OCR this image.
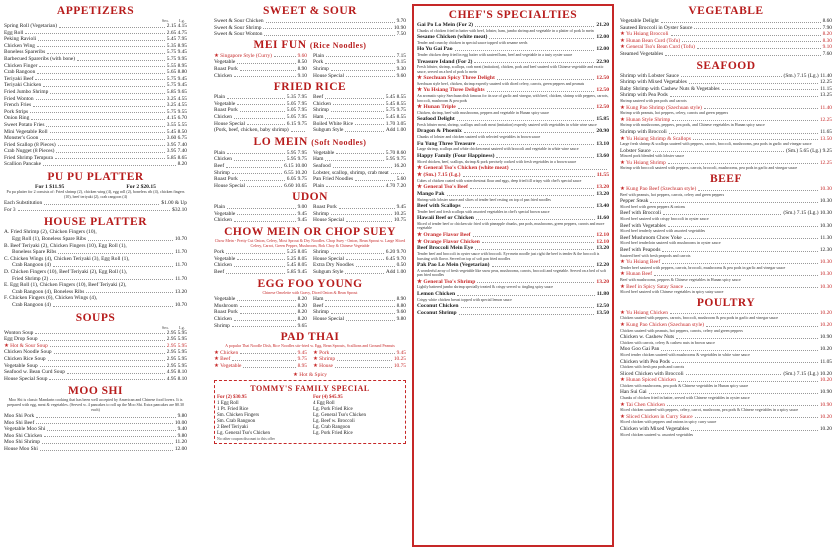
APPETIZERS
Sm. Lg.
Spring Roll (Vegetarian)	2.15 4.15
Egg Roll	2.65 4.75
Peking Ravioli	5.45 7.95
Chicken Wing	5.35 8.95
Boneless Spareribs	5.75 9.45
Barbecued Spareribs (with bone)	5.75 9.95
Chicken Finger	5.55 8.95
Crab Rangoon	5.65 8.80
Teriyaki Beef	5.75 9.45
Teriyaki Chicken	5.75 9.45
Fried Jumbo Shrimp	5.85 9.65
Fried Wonton	3.25 4.55
French Fries	3.25 4.55
Pork Strips	5.75 9.55
Onion Ring	4.15 6.70
Sweet Potato Fries	3.55 5.55
Mini Vegetable Roll	5.45 8.50
Monster's Goon	3.60 6.75
Fried Scallop (8 Pieces)	3.95 7.40
Crab Nugget (8 Pieces)	3.95 7.40
Fried Shrimp Tempura	5.85 8.65
Scallion Pancake	8.20
PU PU PLATTER
For 1 $11.95	For 2 $20.15
Pu pu platter for 2 consists of: Fried shrimp (2), chicken wing (4), egg roll (2), boneless rib (4), chicken fingers (10), beef teriyaki (2), crab rangoon (4)
Each Substitution	$1.00 & Up
For 3	$32.10
HOUSE PLATTER
A. Fried Shrimp (2), Chicken Fingers (10),
Egg Roll (1), Boneless Spare Ribs	10.70
B. Beef Teriyaki (2), Chicken Fingers (10), Egg Roll (1),
Boneless Spare Ribs	11.70
C. Chicken Wings (4), Chicken Teriyaki (3), Egg Roll (1),
Crab Rangoon (4)	11.70
D. Chicken Fingers (10), Beef Teriyaki (2), Egg Roll (1),
Fried Shrimp (2)	11.70
E. Egg Roll (1), Chicken Fingers (10), Beef Teriyaki (2),
Crab Rangoon (4), Boneless Ribs	13.20
F. Chicken Fingers (6), Chicken Wings (4),
Crab Rangoon (4)	10.70
SOUPS
Sm. Lg.
Wonton Soup	2.95 5.95
Egg Drop Soup	2.95 5.95
★ Hot & Sour Soup	2.95 5.95
Chicken Noodle Soup	2.95 5.95
Chicken Rice Soup	2.95 5.95
Vegetable Soup	2.95 5.95
Seafood w. Bean Curd Soup	4.95 8.10
House Special Soup	4.95 8.10
MOO SHI
Moo Shi is classic Mandarin cooking that has been well accepted by American and Chinese food lovers. It is prepared with egg, meat & vegetables. (Served w. 4 pancakes to roll up the Moo Shi. Extra pancakes are $0.30 each)
Moo Shi Pork	9.80
Moo Shi Beef	10.00
Vegetable Moo Shi	9.40
Moo Shi Chicken	9.80
Moo Shi Shrimp	11.20
House Moo Shi	12.00
SWEET & SOUR
Sweet & Sour Chicken	9.70
Sweet & Sour Shrimp	10.90
Sweet & Sour Wonton	7.50
MEI FUN (Rice Noodles)
★ Singapore Style (Curry)	9.60
Vegetable	8.50
Roast Pork	8.90
Chicken	9.10
Plain	7.15
Pork	9.15
Shrimp	9.30
House Special	9.60
FRIED RICE
Plain	5.35 7.95
Vegetable	5.05 7.95
Roast Pork	5.05 7.95
Chicken	5.05 7.95
House Special	6.15 9.75
(Pork, beef, chicken, baby shrimp)
Beef	5.45 8.55
Chicken	5.45 8.55
Shrimp	5.75 9.75
Ham	5.45 8.55
Boiled White Rice	1.70 3.05
Subgum Style	Add 1.00
LO MEIN (Soft Noodles)
Plain	5.95 7.95
Chicken	5.95 9.75
Beef	6.15 10.00
Shrimp	6.55 10.20
Roast Pork	6.05 9.75
House Special	6.60 10.65
Vegetable	5.70 8.60
Ham	5.95 9.75
Seafood	16.20
Lobster, scallop, shrimp, crab meat
Pan Fried Noodles	5.60
Plain	4.70 7.20
UDON
Plain	9.00
Vegetable	9.45
Chicken	9.45
Roast Pork	9.45
Shrimp	10.25
House Special	10.75
CHOW MEIN OR CHOP SUEY
Chow Mein - Pretty Cut Onion, Celery, Most Sprout & Dry Noodles. Chop Suey - Onion, Bean Sprout w. Large Sliced Celery, Carrot, Green Pepper, Mushroom, Bok Choy & Chinese Vegetable
Pork	5.25 8.05
Vegetable	5.25 8.05
Chicken	5.45 8.05
Beef	5.85 9.45
Shrimp	6.20 9.70
House Special	6.45 9.70
Extra Dry Noodles	0.50
Subgum Style	Add 1.00
EGG FOO YOUNG
Chinese Omelette with Gravy, Diced Onion & Bean Sprout
Vegetable	8.20
Mushroom	8.20
Roast Pork	8.20
Chicken	8.20
Shrimp	9.65
Ham	8.90
Beef	8.80
Shrimp	9.60
House Special	9.80

PAD THAI
A popular Thai Noodle Dish, Rice Noodles stir-fried w. Egg, Bean Sprouts, Scallions and Ground Peanuts
★ Chicken	9.45
★ Beef	9.75
★ Vegetable	8.95
★ Pork	9.45
★ Shrimp	10.25
★ House	10.75
★ Hot & Spicy
TOMMY'S FAMILY SPECIAL
For (2) $30.95	For (4) $45.95
1 Egg Roll
1 Pt. Fried Rice
Sm. Chicken Fingers
Sm. Crab Rangoon
2 Beef Teriyaki
Lg. General Tso's Chicken
4 Egg Roll
Lg. Pork Fried Rice
Lg. General Tso's Chicken
Lg. Beef w. Broccoli
Lg. Crab Rangoon
Lg. Pork Fried Rice
No other coupon discount to this offer
CHEF'S SPECIALTIES
Gai Po Lo Mein (For 2)	21.20
Chunks of chicken fried in batter with beef, lobster, ham, jumbo shrimp and vegetable in a platter of pork lo mein
Sesame Chicken (white meat)	12.00
Tender and crunchy chicken in special sauce topped with sesame seeds
Ho Yu Gai Pao	12.00
Tender chicken deep fried in egg batter with sauteed ham, beef and vegetable in a tasty oyster sauce
Treasure Island (For 2)	22.90
Fresh lobster, shrimp, scallops, crab meat (imitation), chicken, pork and beef sauteed with Chinese vegetable and exotic sauce, served on a bed of pork lo mein
★ Szechuan Spicy Three Delight	12.50
Szechuan style beef, chicken, shrimp expertly sauteed with diced celery, carrots, green peppers and peanuts
★ Yu Hsiang Three Delights	12.50
An aromatic spicy Szechuan dish famous for its use of garlic and vinegar, with beef, chicken, shrimp with peppers, carrots, broccoli, mushroom & pea pods
★ Hunan Triple	12.50
Chicken, shrimp, beef with mushrooms, peppers and vegetable in Hunan spicy sauce
Seafood Delight	15.85
Fresh lobster meat, shrimp, scallops and crab meat (imitation) expertly sauteed with vegetables in white wine sauce
Dragon & Phoenix	20.90
Chunks of lobster and chicken sauteed with selected vegetables in brown sauce
Fu Yung Three Treasure	13.10
Large shrimp, scallops and white chicken meat sauteed with broccoli and vegetable in white wine sauce
Happy Family (Four Happiness)	13.60
Sliced chicken, beef, scallops, shrimp & pork precisely cooked with fresh vegetables in a brown sauce
★ General Tso's Chicken (white meat)
★ (Sm.) 7.15 (Lg.)	11.55
Cubes of chicken coated with waterchestnut flour and eggs, deep fried till crispy with chef's special sauce
★ General Tso's Beef	13.20
Mango Pak	13.20
Shrimp with lobster sauce and slices of tender beef resting on top of pan fried noodles
Beef with Scallops	13.40
Tender beef and fresh scallops with assorted vegetables in chef's special brown sauce
Hawaii Beef or Chicken	11.60
Sliced of tender beef or chicken stir fried with pineapple chunks, pea pods, mushrooms, green peppers, carrots and more vegetable
★ Orange Flavor Beef	12.10
★ Orange Flavor Chicken	12.10
Beef Broccoli Mein Eye	13.20
Tender beef and broccoli in oyster sauce with broccoli. Eye mein noodle just right the beef is tender & the broccoli is bursting with flavor. Served on top of soft pan fried noodles
Pak Pao Lo Mein (Vegetarian)	12.20
A wonderful array of fresh vegetable like snow peas, mushrooms, carrots, broccoli and vegetable. Served on a bed of soft pan fried noodles
★ General Tso's Shrimp	13.20
Lightly battered jumbo shrimp specially treated & crispy served w. tingling spicy sauce
Lemon Chicken	11.80
Crispy white chicken breast topped with special lemon sauce
Coconut Chicken	12.50
Coconut Shrimp	13.50
VEGETABLE
Vegetable Delight	8.60
Sauteed Broccoli in Oyster Sauce	7.90
★ Yu Hsiang Broccoli	8.20
★ Hunan Bean Curd (Tofu)	8.30
★ General Tso's Bean Curd (Tofu)	9.10
Steamed Vegetables	7.60
SEAFOOD
Shrimp with Lobster Sauce	(Sm.) 7.15 (Lg.) 11.40
Shrimp with Mixed Vegetables	12.25
Baby Shrimp with Cashew Nuts & Vegetables	11.15
Shrimp with Pea Pods	13.25
Shrimp sauteed with pea pods and carrots
★ Kung Pao Shrimp (Szechuan style)	11.40
Shrimp with peanuts, hot peppers, celery, carrots and green peppers
★ Hunan Style Shrimp	12.25
Shrimp with mushrooms, peppers, pea pods, and Chinese vegetables in Hunan spicy sauce
Shrimp with Broccoli	11.65
★ Yu Hsiang Shrimp & Scallops	13.50
Large fresh shrimp & scallops sauteed with peppers, carrots, broccoli, mushrooms, pea pods in garlic and vinegar sauce
Lobster Sauce	(Sm.) 5.65 (Lg.) 9.25
Minced pork blended with lobster sauce
★ Yu Hsiang Shrimp	12.25
Shrimp with broccoli sauteed with peppers, carrots, broccoli, mushrooms, pea pods in garlic and vinegar sauce
BEEF
★ Kung Pao Beef (Szechuan style)	10.30
Beef with peanuts, hot peppers, carrots, celery and green peppers
Pepper Steak	10.30
Sliced beef with green peppers & onions
Beef with Broccoli	(Sm.) 7.15 (Lg.) 10.30
Sliced beef sauteed with crispy broccoli in oyster sauce
Beef with Vegetables	10.30
Sliced beef tenderly sauteed with assorted vegetables
Beef Mushroom Chow Yoke	11.30
Sliced beef tenderloin sauteed with mushrooms in oyster sauce
Beef with Peapods	12.30
Sauteed beef with fresh peapods and carrots
★ Yu Hsiang Beef	10.30
Tender beef sauteed with peppers, carrots, broccoli, mushrooms & pea pods in garlic and vinegar sauce
★ Hunan Beef	10.30
Beef with mushrooms, peppers & Chinese vegetables in Hunan spicy sauce
★ Beef in Spicy Satay Sauce	10.30
Sliced beef sauteed with Chinese vegetables in spicy satay sauce
POULTRY
★ Yu Hsiang Chicken	10.20
Chicken sauteed with peppers, carrots, broccoli, mushroom & pea pods in garlic and vinegar sauce
★ Kung Pao Chicken (Szechuan style)	10.20
Chicken sauteed with peanuts, hot peppers, carrots, celery and green peppers
Chicken w. Cashew Nuts	10.90
Chicken with carrots, celery & cashew nuts in brown sauce
Moo Goo Gai Pan	10.20
Sliced tender chicken sauteed with mushrooms & vegetables in white wine sauce
Chicken with Pea Pods	11.05
Chicken with fresh pea pods and carrots
Sliced Chicken with Broccoli	(Sm.) 7.15 (Lg.) 10.20
★ Hunan Spiced Chicken	10.20
Chicken with mushrooms, pea pods & Chinese vegetables in Hunan spicy sauce
Han Sui Gai	10.90
Chunks of chicken fried in batter, served with Chinese vegetables in oyster sauce
★ Tai Chen Chicken	10.90
Sliced chicken sauteed with peppers, celery, carrot, mushroom, pea pods & Chinese vegetables in a spicy sauce
★ Sliced Chicken in Curry Sauce	10.20
Sliced chicken with peppers and onions in spicy curry sauce
Chicken with Mixed Vegetables	10.20
Sliced chicken sauteed w. assorted vegetables
